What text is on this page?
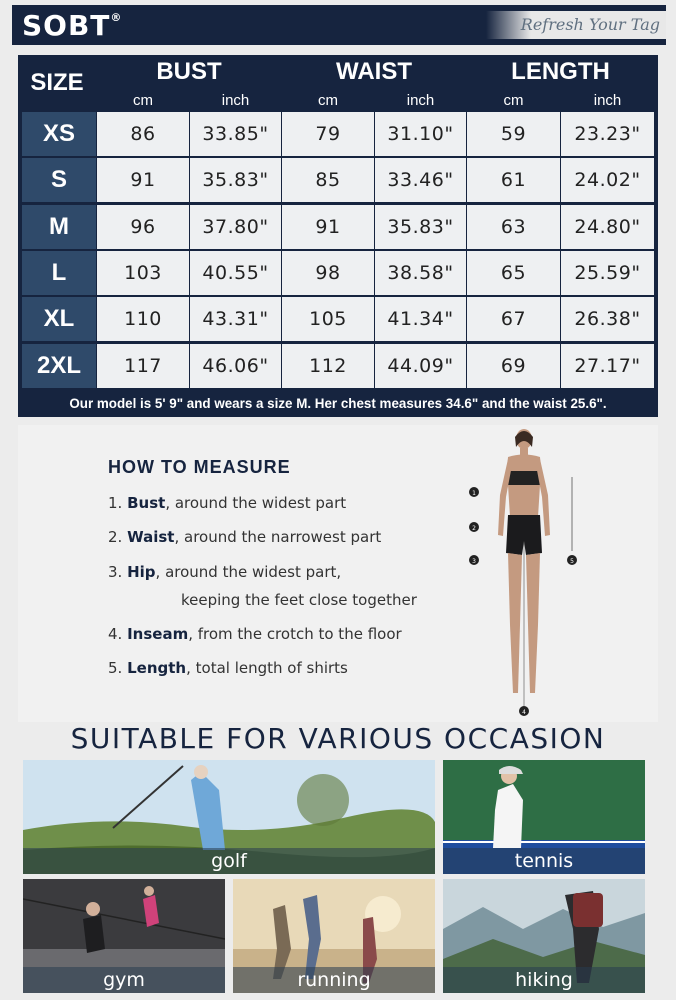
SOBT®	Refresh Your Tag
SIZE	BUST	WAIST	LENGTH
cm	inch	cm	inch	cm	inch
XS	86	33.85"	79	31.10"	59	23.23"
S	91	35.83"	85	33.46"	61	24.02"
M	96	37.80"	91	35.83"	63	24.80"
L	103	40.55"	98	38.58"	65	25.59"
XL	110	43.31"	105	41.34"	67	26.38"
2XL	117	46.06"	112	44.09"	69	27.17"
Our model is 5' 9" and wears a size M. Her chest measures 34.6" and the waist 25.6".
HOW TO MEASURE
1. Bust, around the widest part
2. Waist, around the narrowest part
3. Hip, around the widest part,
keeping the feet close together
4. Inseam, from the crotch to the floor
5. Length, total length of shirts
1
2
3
4
5
SUITABLE FOR VARIOUS OCCASION
golf	tennis
gym	running	hiking
